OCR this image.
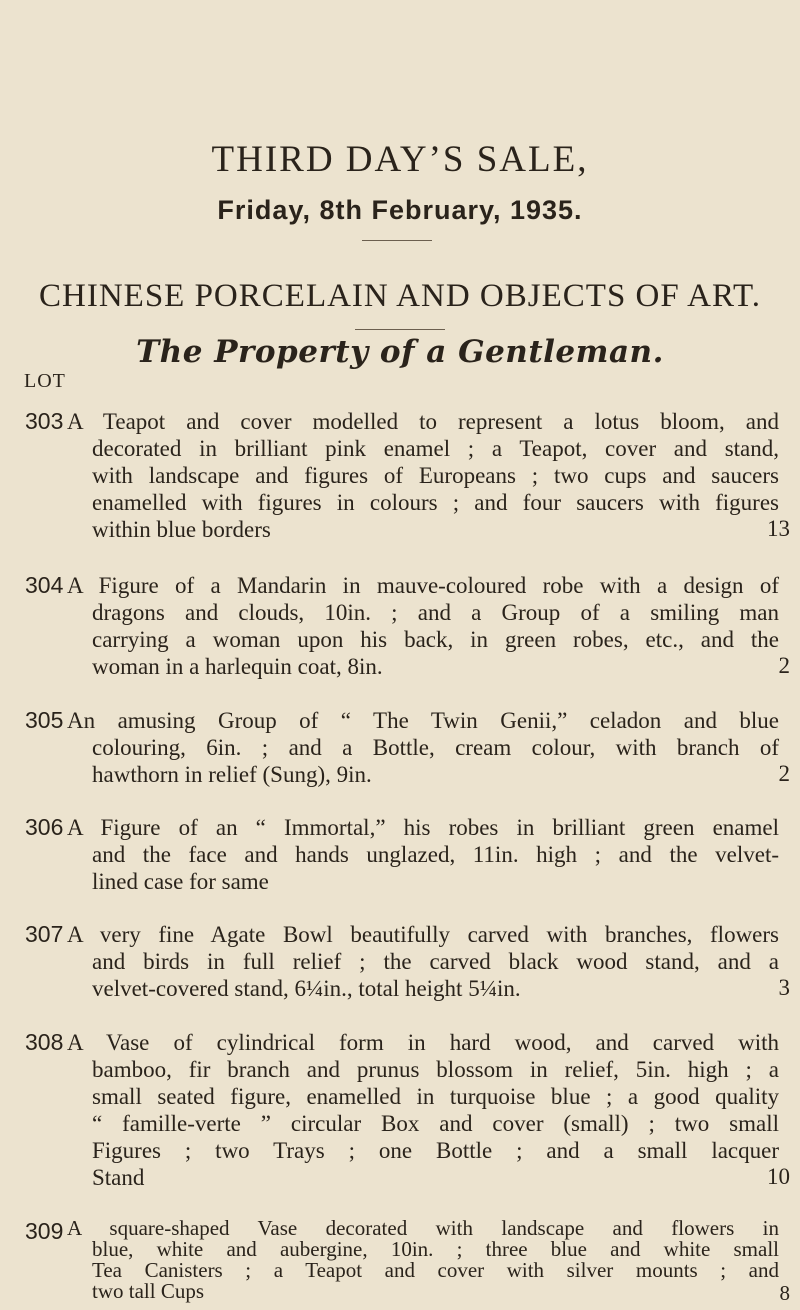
THIRD DAY’S SALE,
Friday, 8th February, 1935.
CHINESE PORCELAIN AND OBJECTS OF ART.
The Property of a Gentleman.
LOT
303 A Teapot and cover modelled to represent a lotus bloom, and
decorated in brilliant pink enamel ; a Teapot, cover and stand,
with landscape and figures of Europeans ; two cups and saucers
enamelled with figures in colours ; and four saucers with figures
within blue borders	13
304 A Figure of a Mandarin in mauve-coloured robe with a design of
dragons and clouds, 10in. ; and a Group of a smiling man
carrying a woman upon his back, in green robes, etc., and the
woman in a harlequin coat, 8in.	2
305 An amusing Group of “ The Twin Genii,” celadon and blue
colouring, 6in. ; and a Bottle, cream colour, with branch of
hawthorn in relief (Sung), 9in.	2
306 A Figure of an “ Immortal,” his robes in brilliant green enamel
and the face and hands unglazed, 11in. high ; and the velvet-
lined case for same
307 A very fine Agate Bowl beautifully carved with branches, flowers
and birds in full relief ; the carved black wood stand, and a
velvet-covered stand, 6¼in., total height 5¼in.	3
308 A Vase of cylindrical form in hard wood, and carved with
bamboo, fir branch and prunus blossom in relief, 5in. high ; a
small seated figure, enamelled in turquoise blue ; a good quality
“ famille-verte ” circular Box and cover (small) ; two small
Figures ; two Trays ; one Bottle ; and a small lacquer
Stand	10
309 A square-shaped Vase decorated with landscape and flowers in
blue, white and aubergine, 10in. ; three blue and white small
Tea Canisters ; a Teapot and cover with silver mounts ; and
two tall Cups	8
